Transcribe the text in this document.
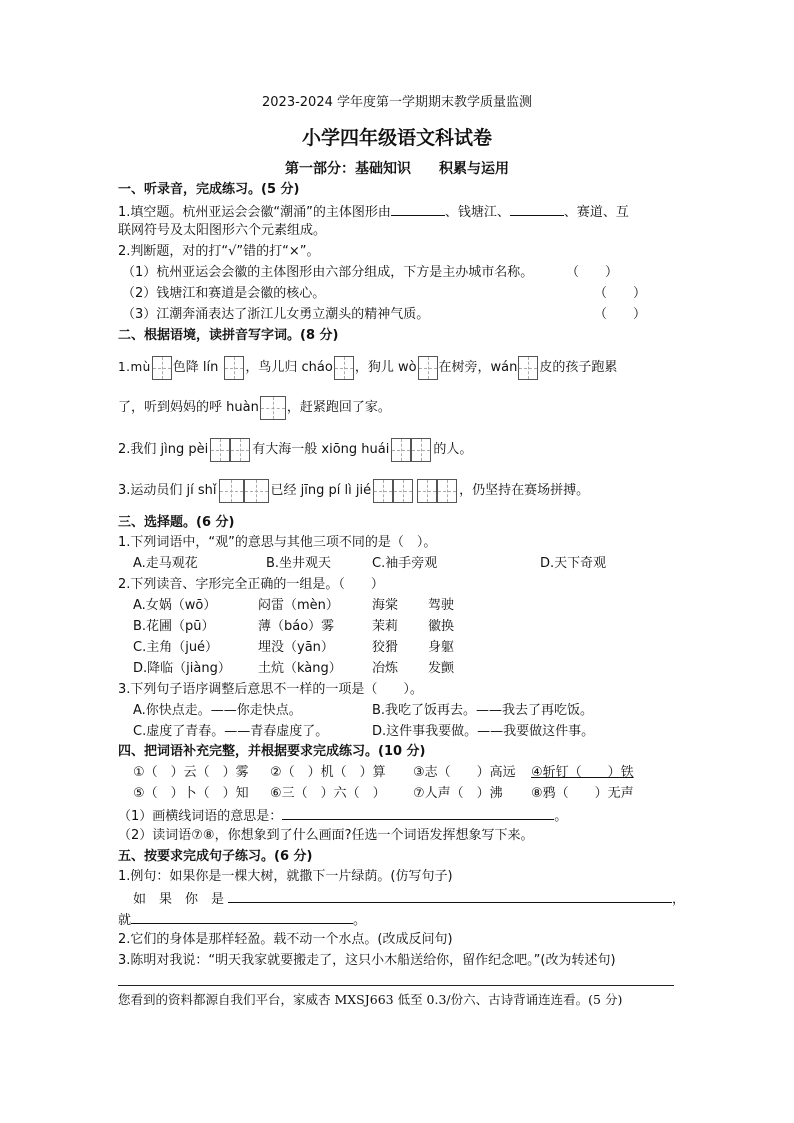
2023-2024 学年度第一学期期末教学质量监测
小学四年级语文科试卷
第一部分：基础知识　　积累与运用
一、听录音，完成练习。(5 分)
1.填空题。杭州亚运会会徽“潮涌”的主体图形由	、钱塘江、	、赛道、互
联网符号及太阳图形六个元素组成。
2.判断题，对的打“√”错的打“×”。
（1）杭州亚运会会徽的主体图形由六部分组成，下方是主办城市名称。	（　　）
（2）钱塘江和赛道是会徽的核心。	（　　）
（3）江潮奔涌表达了浙江儿女勇立潮头的精神气质。	（　　）
二、根据语境，读拼音写字词。(8 分)
1.mù 色降 lín ，鸟儿归 cháo ，狗儿 wò 在树旁，wán 皮的孩子跑累
了，听到妈妈的呼 huàn ，赶紧跑回了家。
2.我们 jìng pèi	有大海一般 xiōng huái	的人。
3.运动员们 jí shǐ	已经 jīng pí lì jié	，仍坚持在赛场拼搏。
三、选择题。(6 分)
1.下列词语中，“观”的意思与其他三项不同的是（　）。
A.走马观花	B.坐井观天	C.袖手旁观	D.天下奇观
2.下列读音、字形完全正确的一组是。（　　）
A.女娲（wō）	闷雷（mèn）	海棠 驾驶
B.花圃（pū）	薄（báo）雾	茉莉 徽换
C.主角（jué）	埋没（yān）	狡猾 身躯
D.降临（jiàng） 土炕（kàng） 冶炼 发颤
3.下列句子语序调整后意思不一样的一项是（　　）。
A.你快点走。——你走快点。	B.我吃了饭再去。——我去了再吃饭。
C.虚度了青春。——青春虚度了。	D.这件事我要做。——我要做这件事。
四、把词语补充完整，并根据要求完成练习。(10 分)
①（　）云（　）雾 ②（　）机（　）算 ③志（　　）高远 ④斩钉（　　）铁
⑤（　）卜（　）知 ⑥三（　）六（　） ⑦人声（　）沸 ⑧鸦（　　）无声
（1）画横线词语的意思是：	。
（2）读词语⑦⑧，你想象到了什么画面?任选一个词语发挥想象写下来。
五、按要求完成句子练习。(6 分)
1.例句：如果你是一棵大树，就撒下一片绿荫。(仿写句子)
如　果　你　是	，
就	。
2.它们的身体是那样轻盈。载不动一个水点。(改成反问句)
3.陈明对我说：“明天我家就要搬走了，这只小木船送给你，留作纪念吧。”(改为转述句)
您看到的资料都源自我们平台，家威杏 MXSJ663 低至 0.3/份六、古诗背诵连连看。(5 分)
